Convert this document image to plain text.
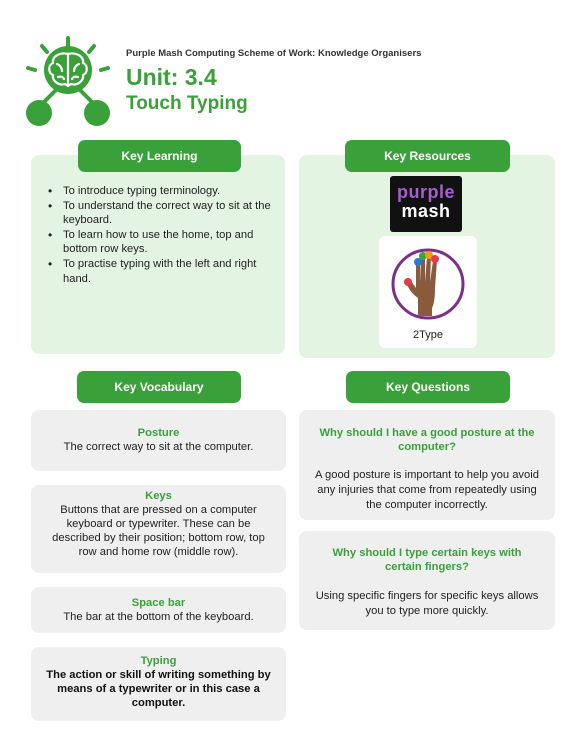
Purple Mash Computing Scheme of Work: Knowledge Organisers
Unit: 3.4
Touch Typing
Key Learning
• To introduce typing terminology.
• To understand the correct way to sit at the keyboard.
• To learn how to use the home, top and bottom row keys.
• To practise typing with the left and right hand.
Key Resources
purple
mash
2Type
Key Vocabulary
Posture
The correct way to sit at the computer.
Keys
Buttons that are pressed on a computer keyboard or typewriter. These can be described by their position; bottom row, top row and home row (middle row).
Space bar
The bar at the bottom of the keyboard.
Typing
The action or skill of writing something by means of a typewriter or in this case a computer.
Key Questions
Why should I have a good posture at the computer?
A good posture is important to help you avoid any injuries that come from repeatedly using the computer incorrectly.
Why should I type certain keys with certain fingers?
Using specific fingers for specific keys allows you to type more quickly.
